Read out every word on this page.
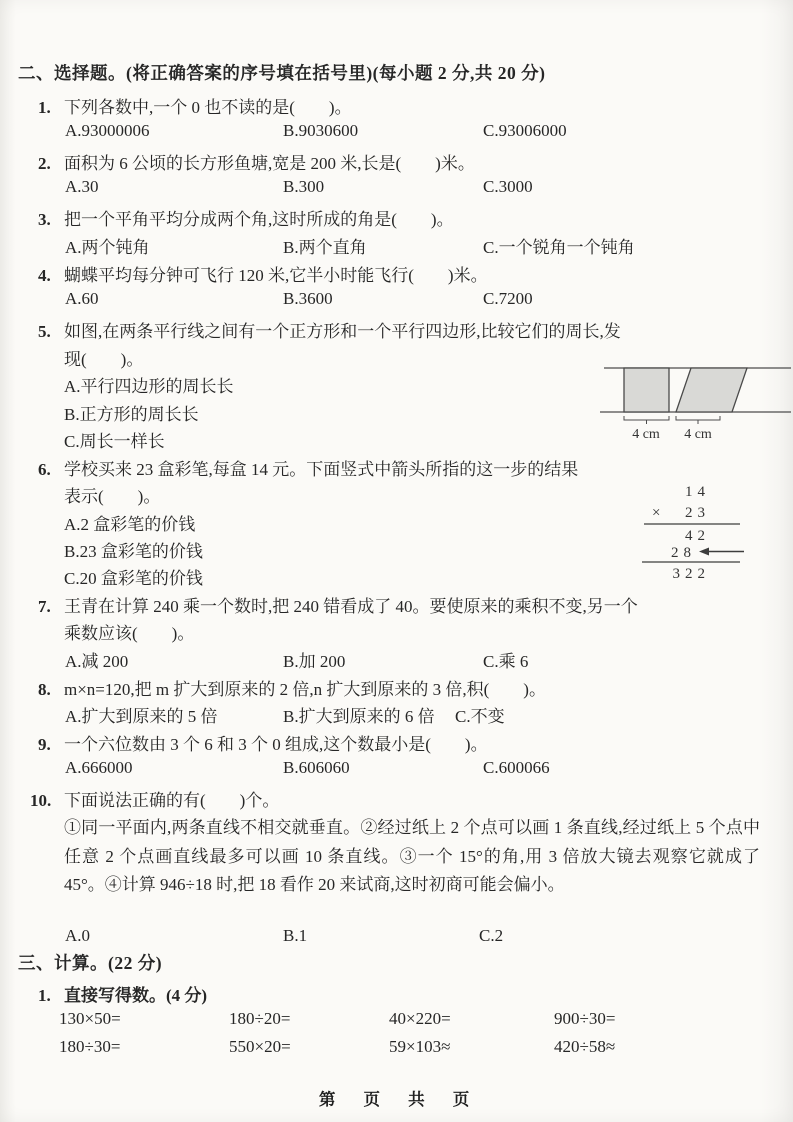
二、选择题。(将正确答案的序号填在括号里)(每小题 2 分,共 20 分)
1. 下列各数中,一个 0 也不读的是(　　)。
A.93000006	B.9030600	C.93006000
2. 面积为 6 公顷的长方形鱼塘,宽是 200 米,长是(　　)米。
A.30	B.300	C.3000
3. 把一个平角平均分成两个角,这时所成的角是(　　)。
A.两个钝角	B.两个直角	C.一个锐角一个钝角
4. 蝴蝶平均每分钟可飞行 120 米,它半小时能飞行(　　)米。
A.60	B.3600	C.7200
5. 如图,在两条平行线之间有一个正方形和一个平行四边形,比较它们的周长,发
现(　　)。
A.平行四边形的周长长
B.正方形的周长长
C.周长一样长	4 cm 4 cm
6. 学校买来 23 盒彩笔,每盒 14 元。下面竖式中箭头所指的这一步的结果
表示(　　)。
A.2 盒彩笔的价钱
B.23 盒彩笔的价钱
C.20 盒彩笔的价钱
14
× 23
42
28
322
7. 王青在计算 240 乘一个数时,把 240 错看成了 40。要使原来的乘积不变,另一个
乘数应该(　　)。
A.减 200	B.加 200	C.乘 6
8. m×n=120,把 m 扩大到原来的 2 倍,n 扩大到原来的 3 倍,积(　　)。
A.扩大到原来的 5 倍	B.扩大到原来的 6 倍 C.不变
9. 一个六位数由 3 个 6 和 3 个 0 组成,这个数最小是(　　)。
A.666000	B.606060	C.600066
10. 下面说法正确的有(　　)个。
①同一平面内,两条直线不相交就垂直。②经过纸上 2 个点可以画 1 条直线,经过纸上 5 个点中任意 2 个点画直线最多可以画 10 条直线。③一个 15°的角,用 3 倍放大镜去观察它就成了 45°。④计算 946÷18 时,把 18 看作 20 来试商,这时初商可能会偏小。
A.0	B.1	C.2
三、计算。(22 分)
1. 直接写得数。(4 分)
130×50=	180÷20=	40×220=	900÷30=
180÷30=	550×20=	59×103≈	420÷58≈
第 页 共 页
